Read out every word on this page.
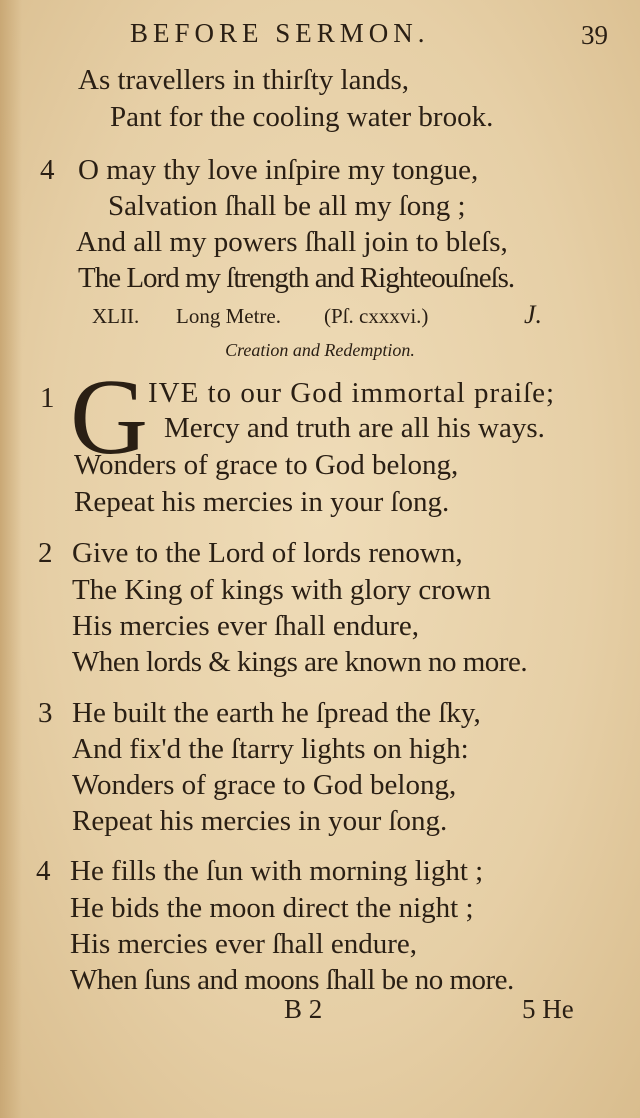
BEFORE SERMON.	39
As travellers in thirſty lands,
Pant for the cooling water brook.
4 O may thy love inſpire my tongue,
Salvation ſhall be all my ſong ;
And all my powers ſhall join to bleſs,
The Lord my ſtrength and Righteouſneſs.
XLII. Long Metre. (Pſ. cxxxvi.)	J.
Creation and Redemption.
1 G IVE to our God immortal praiſe;
Mercy and truth are all his ways.
Wonders of grace to God belong,
Repeat his mercies in your ſong.
2 Give to the Lord of lords renown,
The King of kings with glory crown
His mercies ever ſhall endure,
When lords & kings are known no more.
3 He built the earth he ſpread the ſky,
And fix'd the ſtarry lights on high:
Wonders of grace to God belong,
Repeat his mercies in your ſong.
4 He fills the ſun with morning light ;
He bids the moon direct the night ;
His mercies ever ſhall endure,
When ſuns and moons ſhall be no more.
B 2	5 He
